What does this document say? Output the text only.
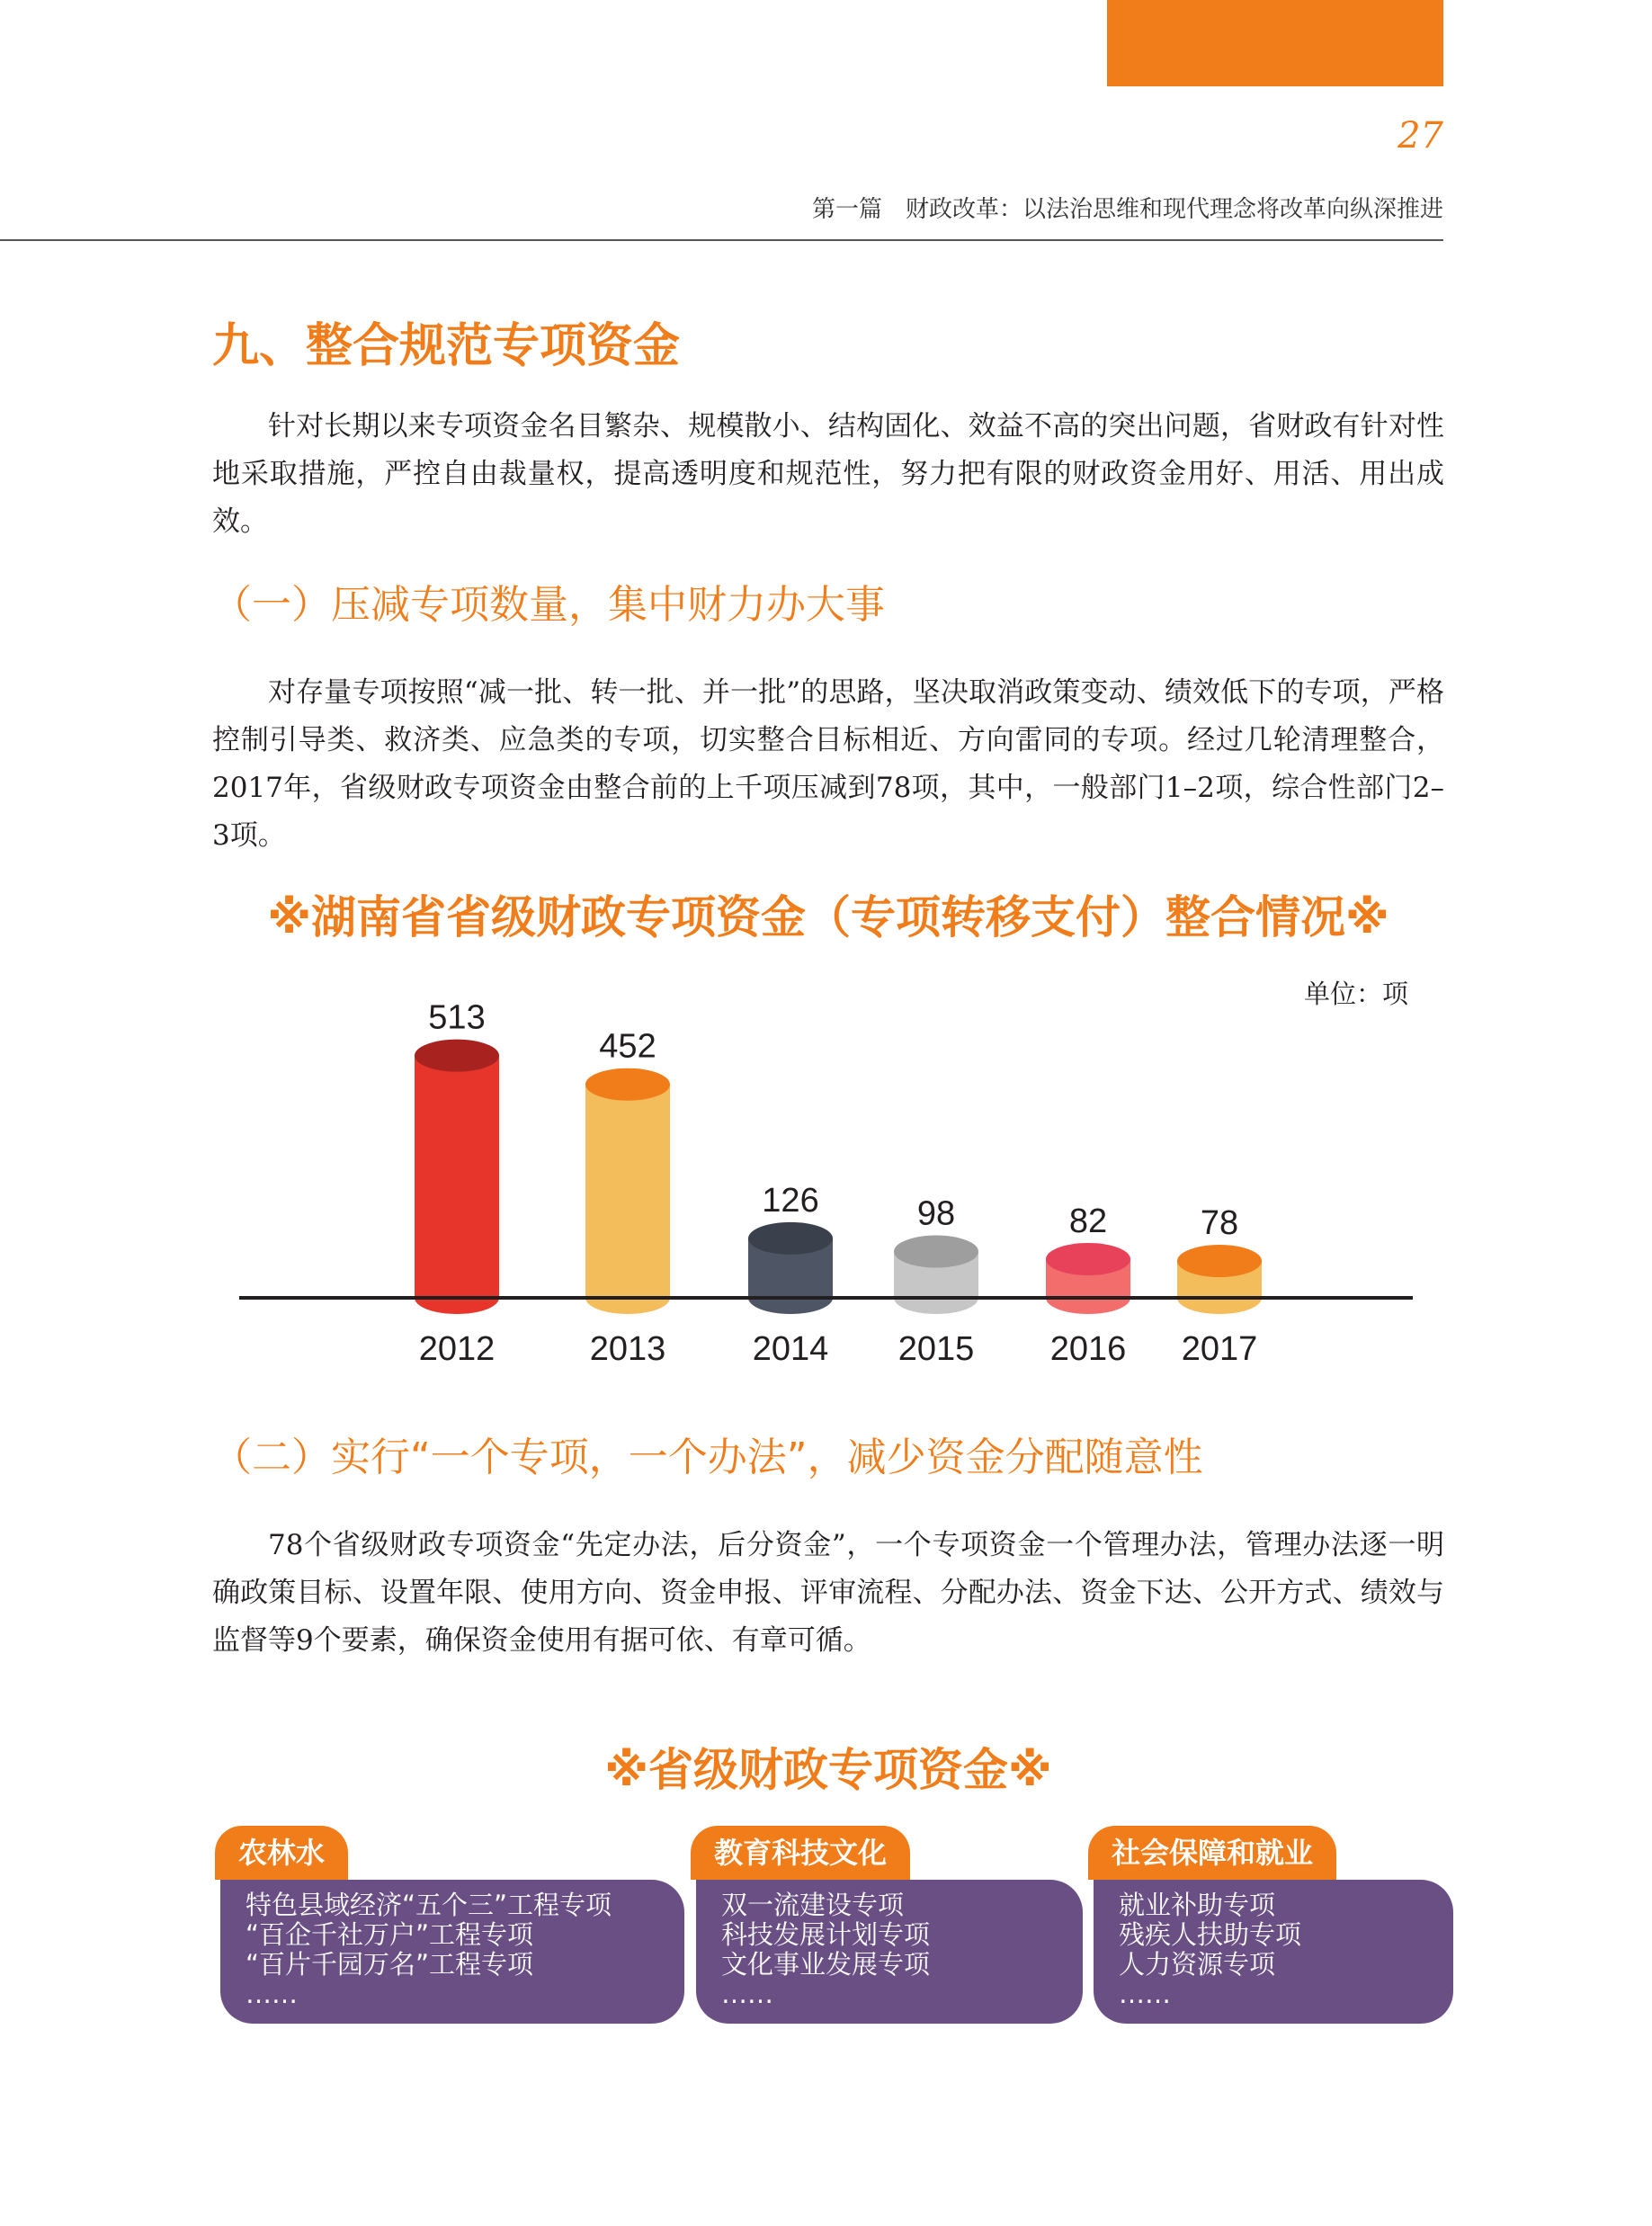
27
第一篇　财政改革：以法治思维和现代理念将改革向纵深推进
九、整合规范专项资金
针对长期以来专项资金名目繁杂、规模散小、结构固化、效益不高的突出问题，省财政有针对性地采取措施，严控自由裁量权，提高透明度和规范性，努力把有限的财政资金用好、用活、用出成效。
（一）压减专项数量，集中财力办大事
对存量专项按照“减一批、转一批、并一批”的思路，坚决取消政策变动、绩效低下的专项，严格控制引导类、救济类、应急类的专项，切实整合目标相近、方向雷同的专项。经过几轮清理整合，2017年，省级财政专项资金由整合前的上千项压减到78项，其中，一般部门1–2项，综合性部门2–3项。
※湖南省省级财政专项资金（专项转移支付）整合情况※
单位：项
513
452
126	98	82	78
2012	2013	2014 2015 2016 2017
（二）实行“一个专项，一个办法”，减少资金分配随意性
78个省级财政专项资金“先定办法，后分资金”，一个专项资金一个管理办法，管理办法逐一明确政策目标、设置年限、使用方向、资金申报、评审流程、分配办法、资金下达、公开方式、绩效与监督等9个要素，确保资金使用有据可依、有章可循。
※省级财政专项资金※
农林水
特色县域经济“五个三”工程专项
“百企千社万户”工程专项
“百片千园万名”工程专项
……
教育科技文化
双一流建设专项
科技发展计划专项
文化事业发展专项
……
社会保障和就业
就业补助专项
残疾人扶助专项
人力资源专项
……
